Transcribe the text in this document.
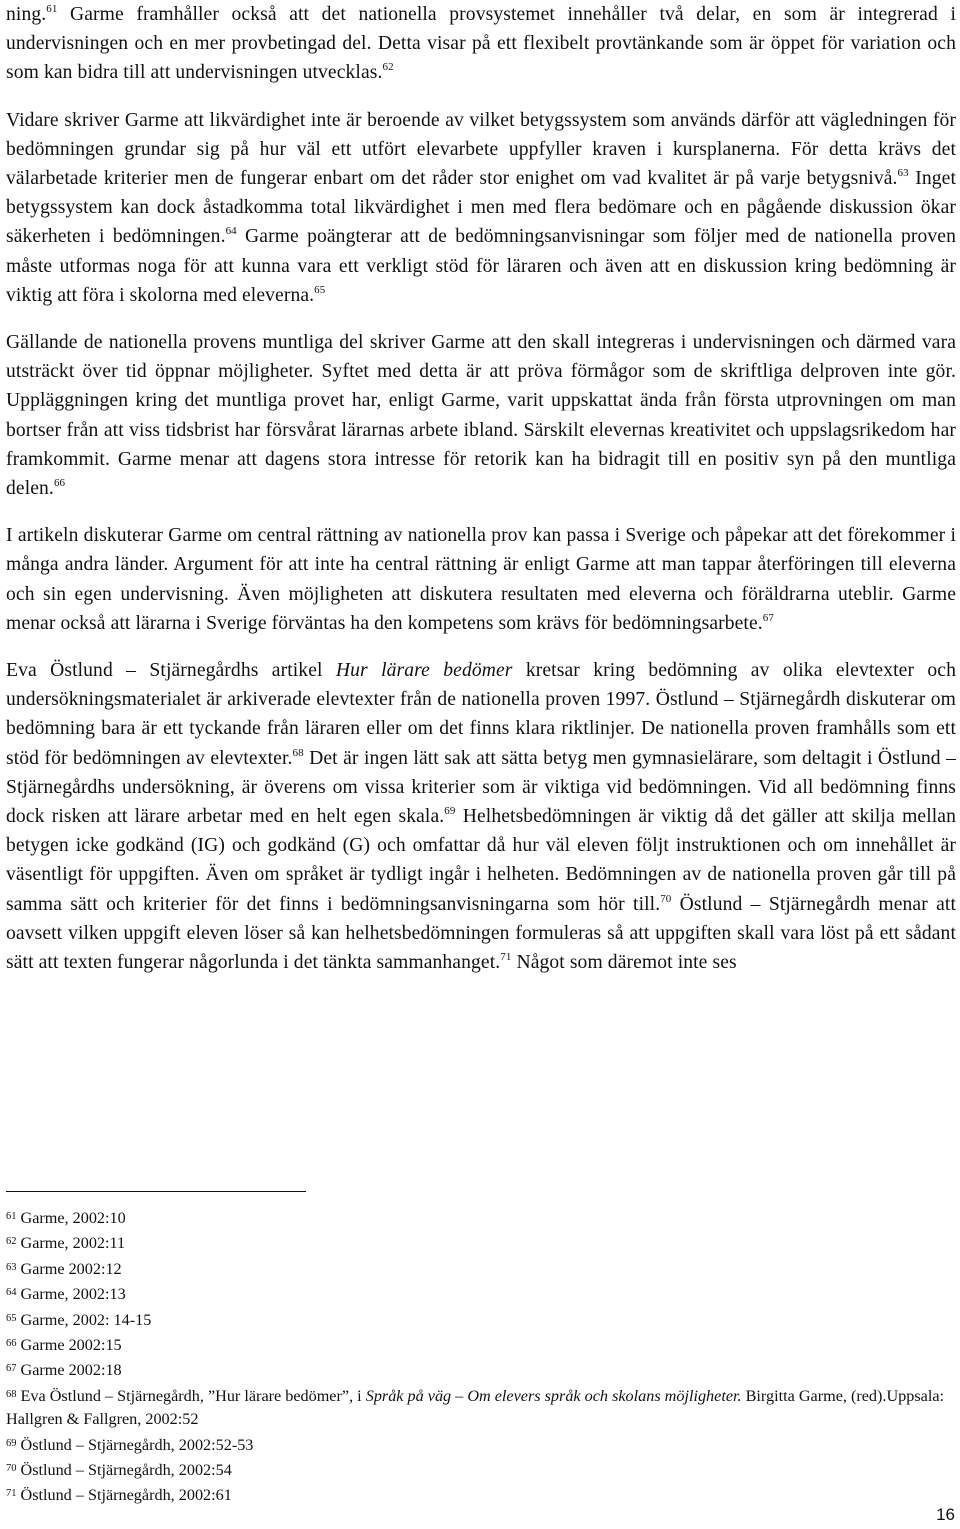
ning.$^{61}$ Garme framhåller också att det nationella provsystemet innehåller två delar, en som är integrerad i undervisningen och en mer provbetingad del. Detta visar på ett flexibelt provtänkande som är öppet för variation och som kan bidra till att undervisningen utvecklas.$^{62}$

Vidare skriver Garme att likvärdighet inte är beroende av vilket betygssystem som används därför att vägledningen för bedömningen grundar sig på hur väl ett utfört elevarbete uppfyller kraven i kursplanerna. För detta krävs det välarbetade kriterier men de fungerar enbart om det råder stor enighet om vad kvalitet är på varje betygsnivå.$^{63}$ Inget betygssystem kan dock åstadkomma total likvärdighet i men med flera bedömare och en pågående diskussion ökar säkerheten i bedömningen.$^{64}$ Garme poängterar att de bedömningsanvisningar som följer med de nationella proven måste utformas noga för att kunna vara ett verkligt stöd för läraren och även att en diskussion kring bedömning är viktig att föra i skolorna med eleverna.$^{65}$

Gällande de nationella provens muntliga del skriver Garme att den skall integreras i undervisningen och därmed vara utsträckt över tid öppnar möjligheter. Syftet med detta är att pröva förmågor som de skriftliga delproven inte gör. Uppläggningen kring det muntliga provet har, enligt Garme, varit uppskattat ända från första utprovningen om man bortser från att viss tidsbrist har försvårat lärarnas arbete ibland. Särskilt elevernas kreativitet och uppslagsrikedom har framkommit. Garme menar att dagens stora intresse för retorik kan ha bidragit till en positiv syn på den muntliga delen.$^{66}$

I artikeln diskuterar Garme om central rättning av nationella prov kan passa i Sverige och påpekar att det förekommer i många andra länder. Argument för att inte ha central rättning är enligt Garme att man tappar återföringen till eleverna och sin egen undervisning. Även möjligheten att diskutera resultaten med eleverna och föräldrarna uteblir. Garme menar också att lärarna i Sverige förväntas ha den kompetens som krävs för bedömningsarbete.$^{67}$

Eva Östlund – Stjärnegårdhs artikel Hur lärare bedömer kretsar kring bedömning av olika elevtexter och undersökningsmaterialet är arkiverade elevtexter från de nationella proven 1997. Östlund – Stjärnegårdh diskuterar om bedömning bara är ett tyckande från läraren eller om det finns klara riktlinjer. De nationella proven framhålls som ett stöd för bedömningen av elevtexter.$^{68}$ Det är ingen lätt sak att sätta betyg men gymnasielärare, som deltagit i Östlund – Stjärnegårdhs undersökning, är överens om vissa kriterier som är viktiga vid bedömningen. Vid all bedömning finns dock risken att lärare arbetar med en helt egen skala.$^{69}$ Helhetsbedömningen är viktig då det gäller att skilja mellan betygen icke godkänd (IG) och godkänd (G) och omfattar då hur väl eleven följt instruktionen och om innehållet är väsentligt för uppgiften. Även om språket är tydligt ingår i helheten. Bedömningen av de nationella proven går till på samma sätt och kriterier för det finns i bedömningsanvisningarna som hör till.$^{70}$ Östlund – Stjärnegårdh menar att oavsett vilken uppgift eleven löser så kan helhetsbedömningen formuleras så att uppgiften skall vara löst på ett sådant sätt att texten fungerar någorlunda i det tänkta sammanhanget.$^{71}$ Något som däremot inte ses

$^{61}$ Garme, 2002:10

$^{62}$ Garme, 2002:11

$^{63}$ Garme 2002:12

$^{64}$ Garme, 2002:13

$^{65}$ Garme, 2002: 14-15

$^{66}$ Garme 2002:15

$^{67}$ Garme 2002:18

$^{68}$ Eva Östlund – Stjärnegårdh, ”Hur lärare bedömer”, i Språk på väg – Om elevers språk och skolans möjligheter. Birgitta Garme, (red).Uppsala: Hallgren & Fallgren, 2002:52

$^{69}$ Östlund – Stjärnegårdh, 2002:52-53

$^{70}$ Östlund – Stjärnegårdh, 2002:54

$^{71}$ Östlund – Stjärnegårdh, 2002:61

16
